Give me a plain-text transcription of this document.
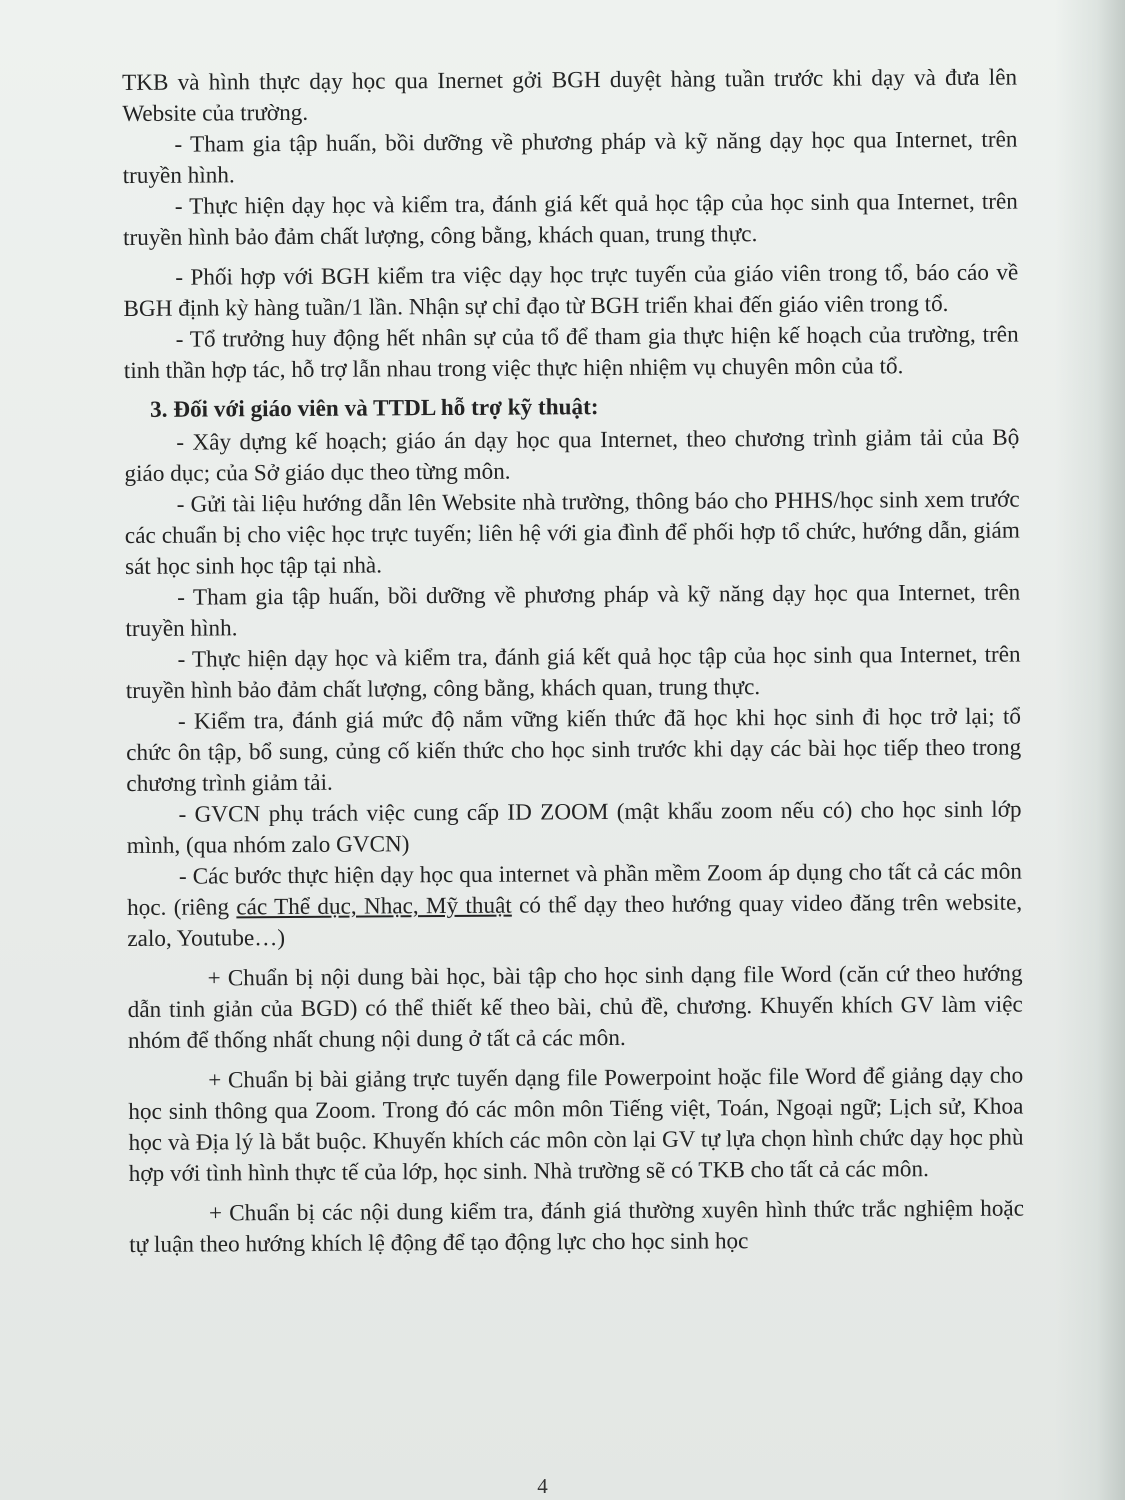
TKB và hình thực dạy học qua Inernet gởi BGH duyệt hàng tuần trước khi dạy và đưa lên Website của trường.

- Tham gia tập huấn, bồi dưỡng về phương pháp và kỹ năng dạy học qua Internet, trên truyền hình.

- Thực hiện dạy học và kiểm tra, đánh giá kết quả học tập của học sinh qua Internet, trên truyền hình bảo đảm chất lượng, công bằng, khách quan, trung thực.

- Phối hợp với BGH kiểm tra việc dạy học trực tuyến của giáo viên trong tổ, báo cáo về BGH định kỳ hàng tuần/1 lần. Nhận sự chỉ đạo từ BGH triển khai đến giáo viên trong tổ.

- Tổ trưởng huy động hết nhân sự của tổ để tham gia thực hiện kế hoạch của trường, trên tinh thần hợp tác, hỗ trợ lẫn nhau trong việc thực hiện nhiệm vụ chuyên môn của tổ.

3. Đối với giáo viên và TTDL hỗ trợ kỹ thuật:

- Xây dựng kế hoạch; giáo án dạy học qua Internet, theo chương trình giảm tải của Bộ giáo dục; của Sở giáo dục theo từng môn.

- Gửi tài liệu hướng dẫn lên Website nhà trường, thông báo cho PHHS/học sinh xem trước các chuẩn bị cho việc học trực tuyến; liên hệ với gia đình để phối hợp tổ chức, hướng dẫn, giám sát học sinh học tập tại nhà.

- Tham gia tập huấn, bồi dưỡng về phương pháp và kỹ năng dạy học qua Internet, trên truyền hình.

- Thực hiện dạy học và kiểm tra, đánh giá kết quả học tập của học sinh qua Internet, trên truyền hình bảo đảm chất lượng, công bằng, khách quan, trung thực.

- Kiểm tra, đánh giá mức độ nắm vững kiến thức đã học khi học sinh đi học trở lại; tổ chức ôn tập, bổ sung, củng cố kiến thức cho học sinh trước khi dạy các bài học tiếp theo trong chương trình giảm tải.

- GVCN phụ trách việc cung cấp ID ZOOM (mật khẩu zoom nếu có) cho học sinh lớp mình, (qua nhóm zalo GVCN)

- Các bước thực hiện dạy học qua internet và phần mềm Zoom áp dụng cho tất cả các môn học. (riêng các Thể dục, Nhạc, Mỹ thuật có thể dạy theo hướng quay video đăng trên website, zalo, Youtube…)

+ Chuẩn bị nội dung bài học, bài tập cho học sinh dạng file Word (căn cứ theo hướng dẫn tinh giản của BGD) có thể thiết kế theo bài, chủ đề, chương. Khuyến khích GV làm việc nhóm để thống nhất chung nội dung ở tất cả các môn.

+ Chuẩn bị bài giảng trực tuyến dạng file Powerpoint hoặc file Word để giảng dạy cho học sinh thông qua Zoom. Trong đó các môn môn Tiếng việt, Toán, Ngoại ngữ; Lịch sử, Khoa học và Địa lý là bắt buộc. Khuyến khích các môn còn lại GV tự lựa chọn hình chức dạy học phù hợp với tình hình thực tế của lớp, học sinh. Nhà trường sẽ có TKB cho tất cả các môn.

+ Chuẩn bị các nội dung kiểm tra, đánh giá thường xuyên hình thức trắc nghiệm hoặc tự luận theo hướng khích lệ động để tạo động lực cho học sinh học

4
